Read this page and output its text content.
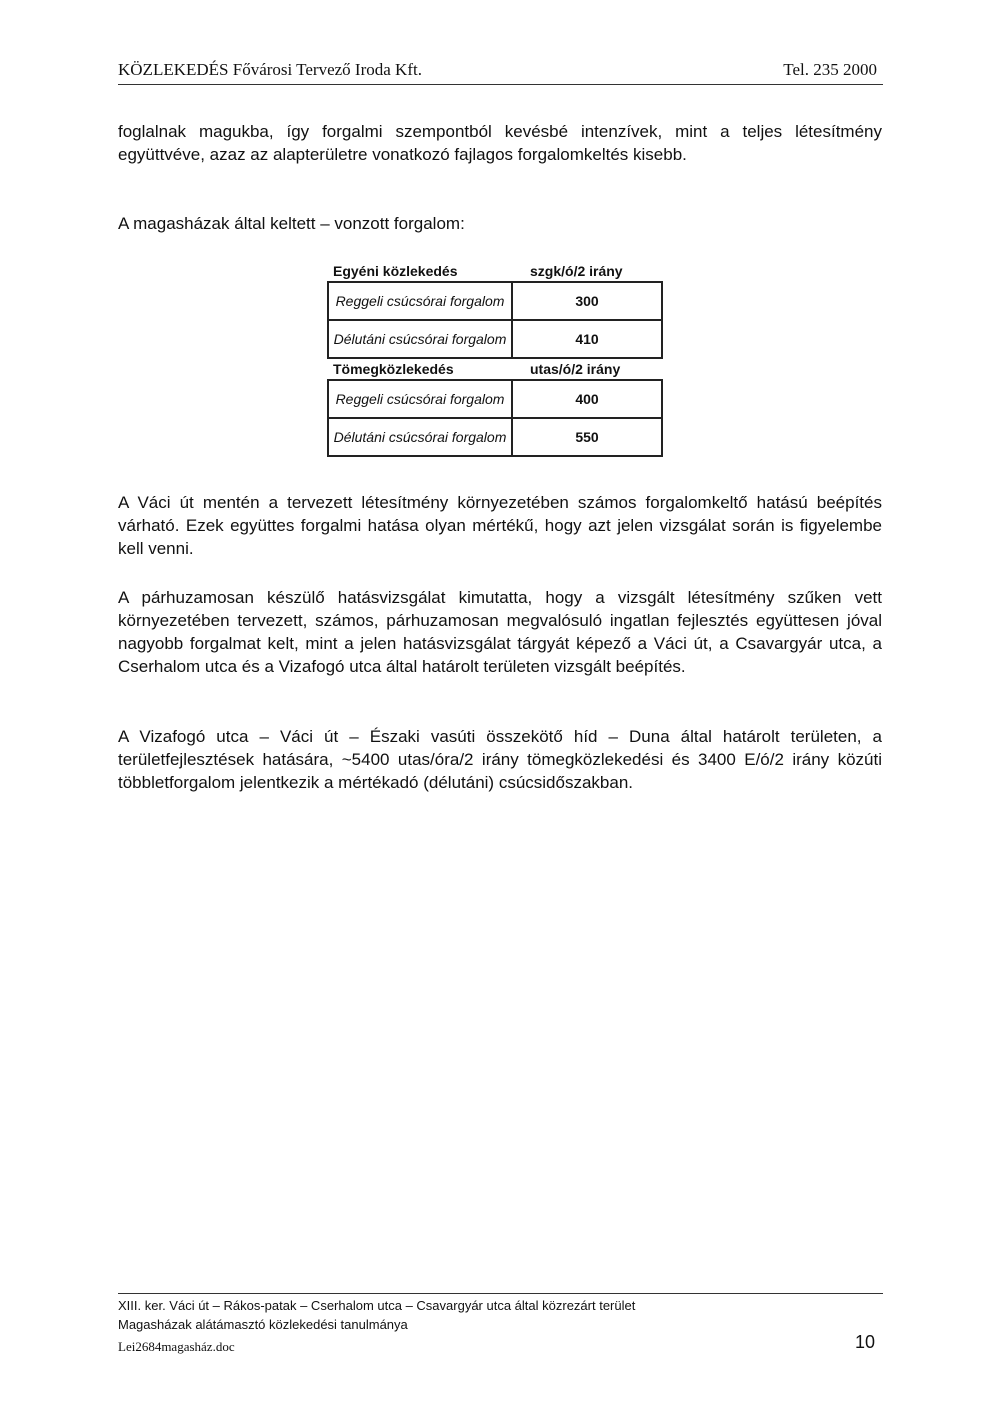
KÖZLEKEDÉS Fővárosi Tervező Iroda Kft.	Tel. 235 2000

foglalnak magukba, így forgalmi szempontból kevésbé intenzívek, mint a teljes létesítmény együttvéve, azaz az alapterületre vonatkozó fajlagos forgalomkeltés kisebb.

A magasházak által keltett – vonzott forgalom:

Egyéni közlekedés	szgk/ó/2 irány
Reggeli csúcsórai forgalom	300
Délutáni csúcsórai forgalom	410
Tömegközlekedés	utas/ó/2 irány
Reggeli csúcsórai forgalom	400
Délutáni csúcsórai forgalom	550

A Váci út mentén a tervezett létesítmény környezetében számos forgalomkeltő hatású beépítés várható. Ezek együttes forgalmi hatása olyan mértékű, hogy azt jelen vizsgálat során is figyelembe kell venni.

A párhuzamosan készülő hatásvizsgálat kimutatta, hogy a vizsgált létesítmény szűken vett környezetében tervezett, számos, párhuzamosan megvalósuló ingatlan fejlesztés együttesen jóval nagyobb forgalmat kelt, mint a jelen hatásvizsgálat tárgyát képező a Váci út, a Csavargyár utca, a Cserhalom utca és a Vizafogó utca által határolt területen vizsgált beépítés.

A Vizafogó utca – Váci út – Északi vasúti összekötő híd – Duna által határolt területen, a területfejlesztések hatására, ~5400 utas/óra/2 irány tömegközlekedési és 3400 E/ó/2 irány közúti többletforgalom jelentkezik a mértékadó (délutáni) csúcsidőszakban.

XIII. ker. Váci út – Rákos-patak – Cserhalom utca – Csavargyár utca által közrezárt terület
Magasházak alátámasztó közlekedési tanulmánya
Lei2684magasház.doc	10
